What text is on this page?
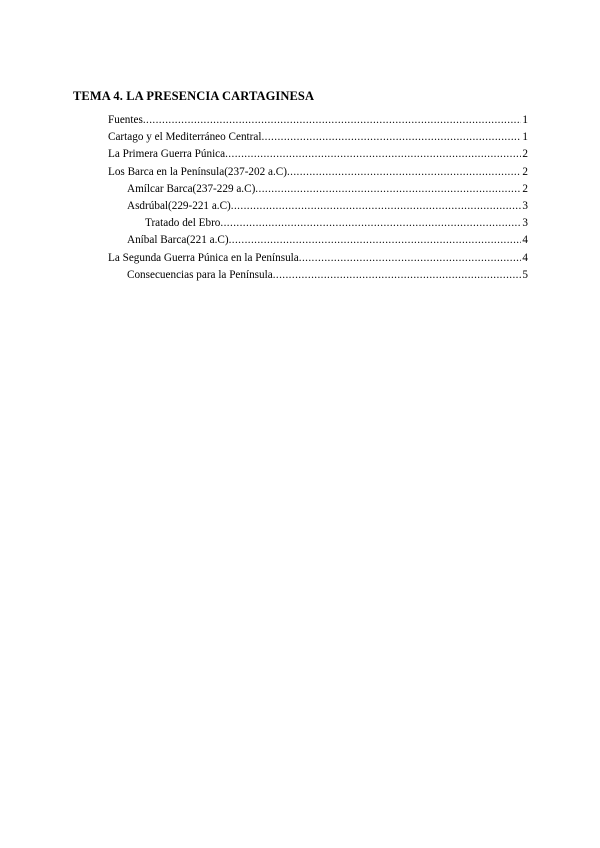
TEMA 4. LA PRESENCIA CARTAGINESA
Fuentes .....	1
Cartago y el Mediterráneo Central .....	1
La Primera Guerra Púnica .....	2
Los Barca en la Península(237-202 a.C) .....	2
Amílcar Barca(237-229 a.C) .....	2
Asdrúbal(229-221 a.C) .....	3
Tratado del Ebro .....	3
Aníbal Barca(221 a.C) .....	4
La Segunda Guerra Púnica en la Península .....	4
Consecuencias para la Península .....	5
